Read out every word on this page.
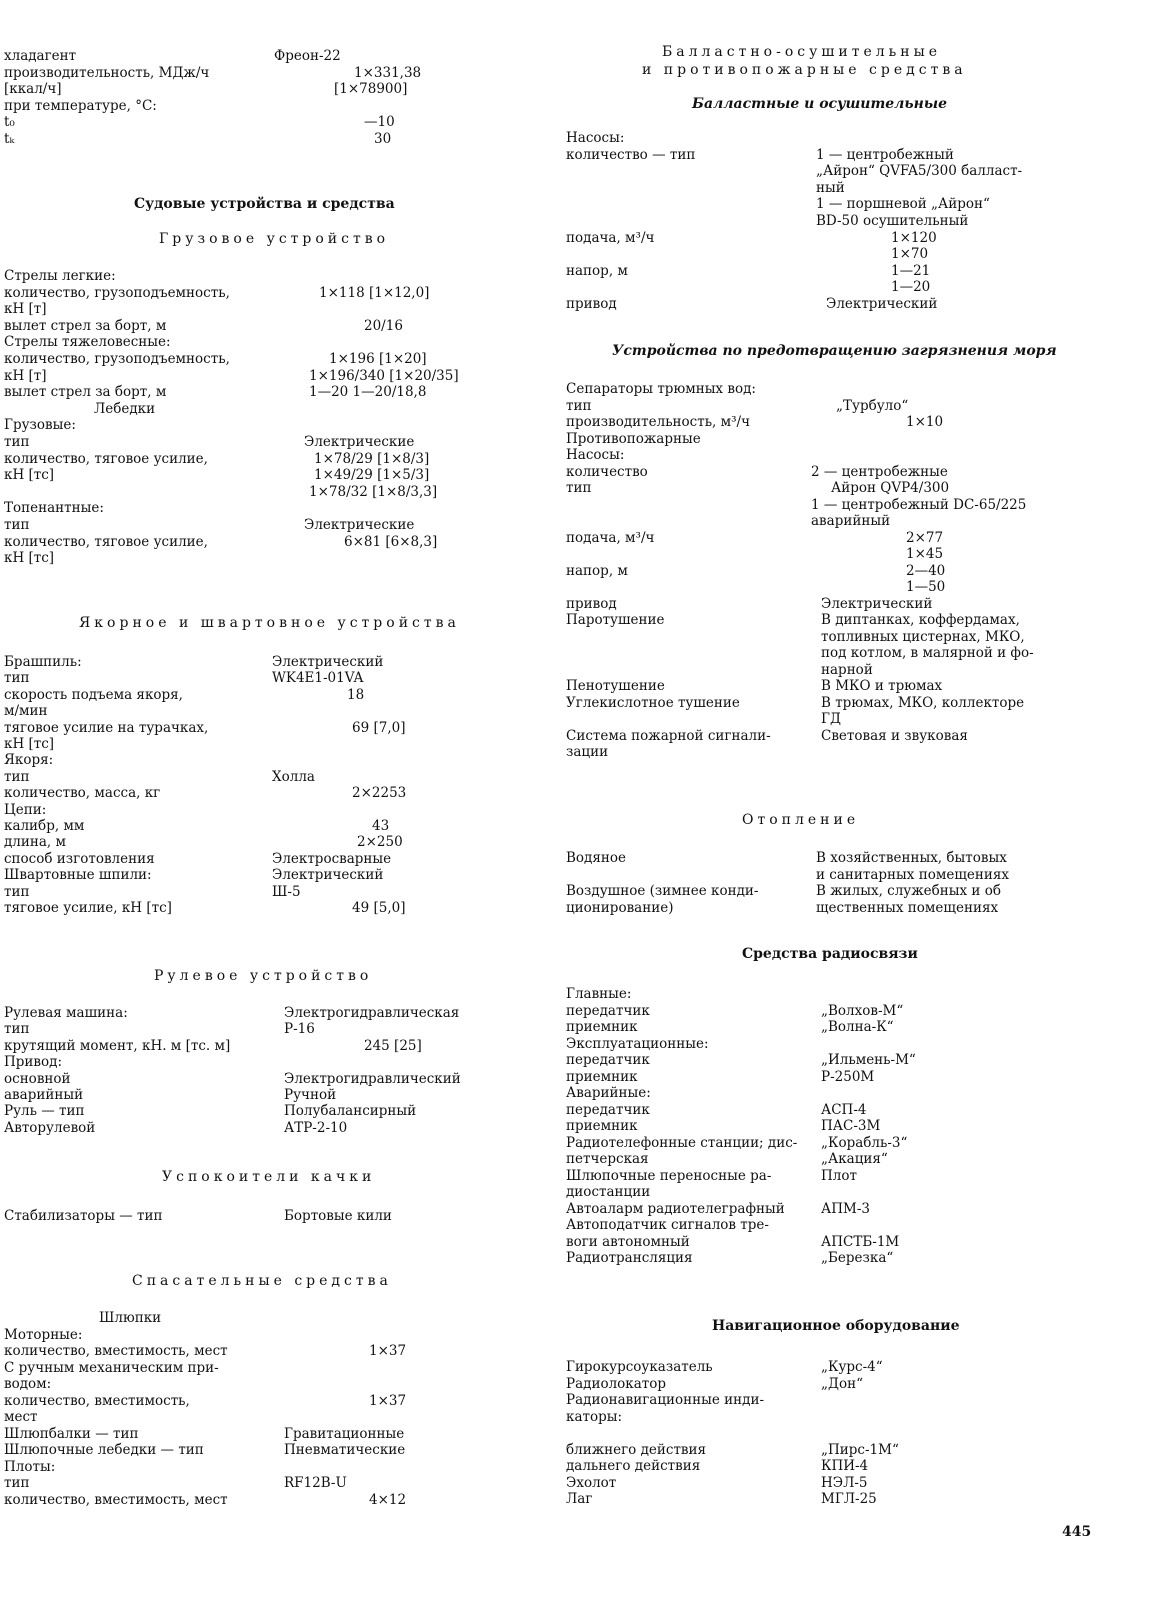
хладагент	Фреон-22
производительность, МДж/ч	1×331,38
[ккал/ч]	[1×78900]
при температуре, °С:
t₀	—10
tₖ	30
Судовые устройства и средства
Грузовое устройство
Стрелы легкие:
количество, грузоподъемность,	1×118 [1×12,0]
кН [т]
вылет стрел за борт, м	20/16
Стрелы тяжеловесные:
количество, грузоподъемность,	1×196 [1×20]
кН [т]	1×196/340 [1×20/35]
вылет стрел за борт, м	1—20 1—20/18,8
Лебедки
Грузовые:
тип	Электрические
количество, тяговое усилие,	1×78/29 [1×8/3]
кН [тс]	1×49/29 [1×5/3]
1×78/32 [1×8/3,3]
Топенантные:
тип	Электрические
количество, тяговое усилие,	6×81 [6×8,3]
кН [тс]
Якорное и швартовное устройства
Брашпиль:	Электрический
тип	WK4E1-01VA
скорость подъема якоря,	18
м/мин
тяговое усилие на турачках,	69 [7,0]
кН [тс]
Якоря:
тип	Холла
количество, масса, кг	2×2253
Цепи:
калибр, мм	43
длина, м	2×250
способ изготовления	Электросварные
Швартовные шпили:	Электрический
тип	Ш-5
тяговое усилие, кН [тс]	49 [5,0]
Рулевое устройство
Рулевая машина:	Электрогидравлическая
тип	Р-16
крутящий момент, кН. м [тс. м]	245 [25]
Привод:
основной	Электрогидравлический
аварийный	Ручной
Руль — тип	Полубалансирный
Авторулевой	АТР-2-10
Успокоители качки
Стабилизаторы — тип	Бортовые кили
Спасательные средства
Шлюпки
Моторные:
количество, вместимость, мест	1×37
С ручным механическим при-
водом:
количество, вместимость,	1×37
мест
Шлюпбалки — тип	Гравитационные
Шлюпочные лебедки — тип	Пневматические
Плоты:
тип	RF12B-U
количество, вместимость, мест	4×12
Балластно-осушительные
и противопожарные средства
Балластные и осушительные
Насосы:
количество — тип	1 — центробежный
„Айрон“ QVFA5/300 балласт-
ный
1 — поршневой „Айрон“
BD-50 осушительный
подача, м³/ч	1×120
1×70
напор, м	1—21
1—20
привод	Электрический
Устройства по предотвращению загрязнения моря
Сепараторы трюмных вод:
тип	„Турбуло“
производительность, м³/ч	1×10
Противопожарные
Насосы:
количество	2 — центробежные
тип	Айрон QVP4/300
1 — центробежный DC-65/225
аварийный
подача, м³/ч	2×77
1×45
напор, м	2—40
1—50
привод	Электрический
Паротушение	В диптанках, коффердамах,
топливных цистернах, МКО,
под котлом, в малярной и фо-
нарной
Пенотушение	В МКО и трюмах
Углекислотное тушение	В трюмах, МКО, коллекторе
ГД
Система пожарной сигнали-	Световая и звуковая
зации
Отопление
Водяное	В хозяйственных, бытовых
и санитарных помещениях
Воздушное (зимнее конди-	В жилых, служебных и об
ционирование)	щественных помещениях
Средства радиосвязи
Главные:
передатчик	„Волхов-М“
приемник	„Волна-К“
Эксплуатационные:
передатчик	„Ильмень-М“
приемник	Р-250М
Аварийные:
передатчик	АСП-4
приемник	ПАС-3М
Радиотелефонные станции; дис- „Корабль-3“
петчерская	„Акация“
Шлюпочные переносные ра-	Плот
диостанции
Автоаларм радиотелеграфный	АПМ-3
Автоподатчик сигналов тре-
воги автономный	АПСТБ-1М
Радиотрансляция	„Березка“
Навигационное оборудование
Гирокурсоуказатель	„Курс-4“
Радиолокатор	„Дон“
Радионавигационные инди-
каторы:
ближнего действия	„Пирс-1М“
дальнего действия	КПИ-4
Эхолот	НЭЛ-5
Лаг	МГЛ-25
445
